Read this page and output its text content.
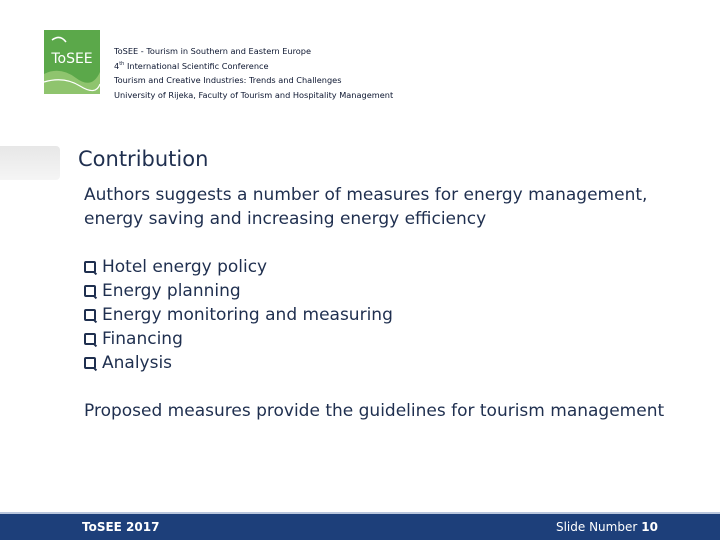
ToSEE	ToSEE - Tourism in Southern and Eastern Europe
4th International Scientific Conference
Tourism and Creative Industries: Trends and Challenges
University of Rijeka, Faculty of Tourism and Hospitality Management
Contribution

Authors suggests a number of measures for energy management, energy saving and increasing energy efficiency

Hotel energy policy
Energy planning
Energy monitoring and measuring
Financing
Analysis

Proposed measures provide the guidelines for tourism management

ToSEE 2017	Slide Number 10
